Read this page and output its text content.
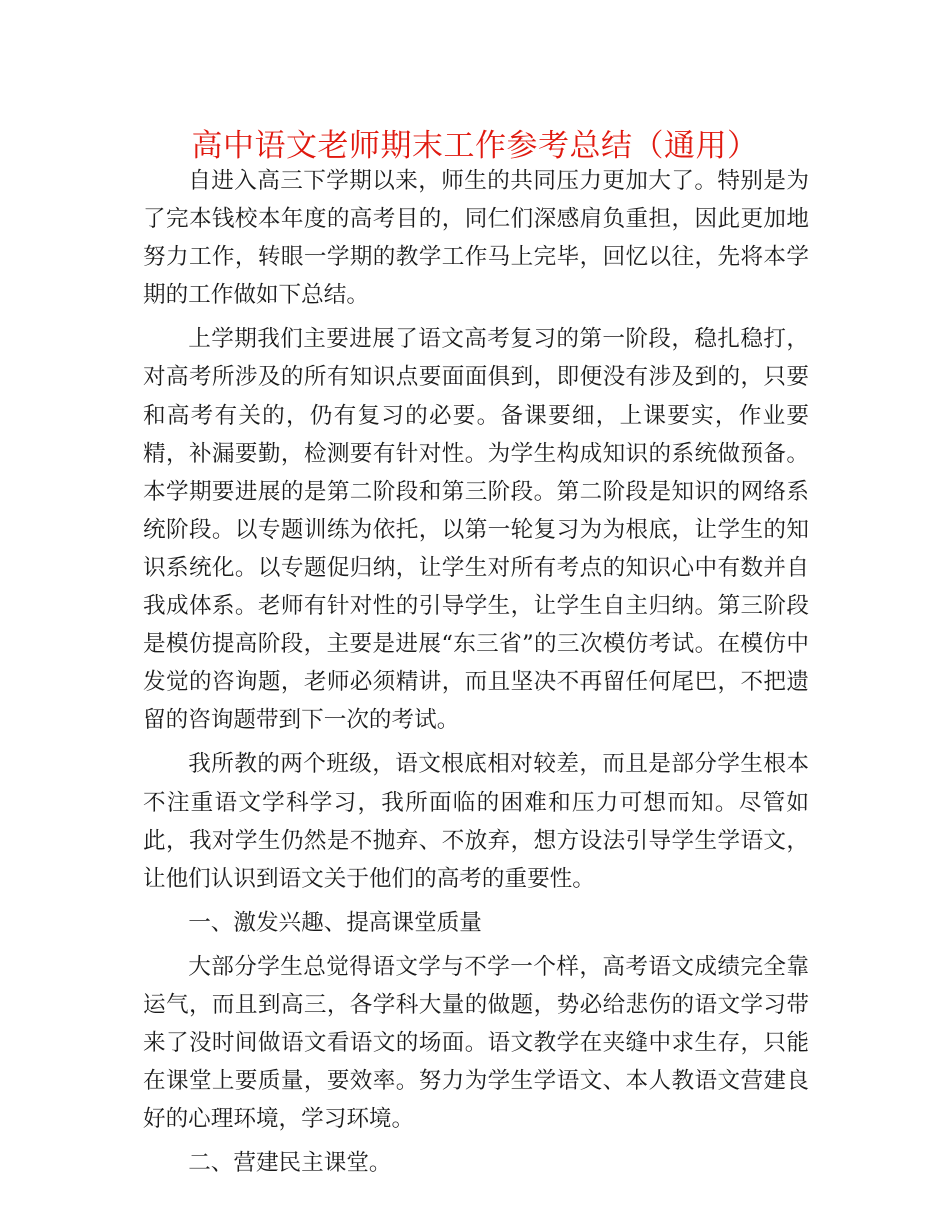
高中语文老师期末工作参考总结（通用）

自进入高三下学期以来，师生的共同压力更加大了。特别是为了完本钱校本年度的高考目的，同仁们深感肩负重担，因此更加地努力工作，转眼一学期的教学工作马上完毕，回忆以往，先将本学期的工作做如下总结。

上学期我们主要进展了语文高考复习的第一阶段，稳扎稳打，对高考所涉及的所有知识点要面面俱到，即便没有涉及到的，只要和高考有关的，仍有复习的必要。备课要细，上课要实，作业要精，补漏要勤，检测要有针对性。为学生构成知识的系统做预备。本学期要进展的是第二阶段和第三阶段。第二阶段是知识的网络系统阶段。以专题训练为依托，以第一轮复习为为根底，让学生的知识系统化。以专题促归纳，让学生对所有考点的知识心中有数并自我成体系。老师有针对性的引导学生，让学生自主归纳。第三阶段是模仿提高阶段，主要是进展“东三省”的三次模仿考试。在模仿中发觉的咨询题，老师必须精讲，而且坚决不再留任何尾巴，不把遗留的咨询题带到下一次的考试。

我所教的两个班级，语文根底相对较差，而且是部分学生根本不注重语文学科学习，我所面临的困难和压力可想而知。尽管如此，我对学生仍然是不抛弃、不放弃，想方设法引导学生学语文，让他们认识到语文关于他们的高考的重要性。

一、激发兴趣、提高课堂质量

大部分学生总觉得语文学与不学一个样，高考语文成绩完全靠运气，而且到高三，各学科大量的做题，势必给悲伤的语文学习带来了没时间做语文看语文的场面。语文教学在夹缝中求生存，只能在课堂上要质量，要效率。努力为学生学语文、本人教语文营建良好的心理环境，学习环境。

二、营建民主课堂。
